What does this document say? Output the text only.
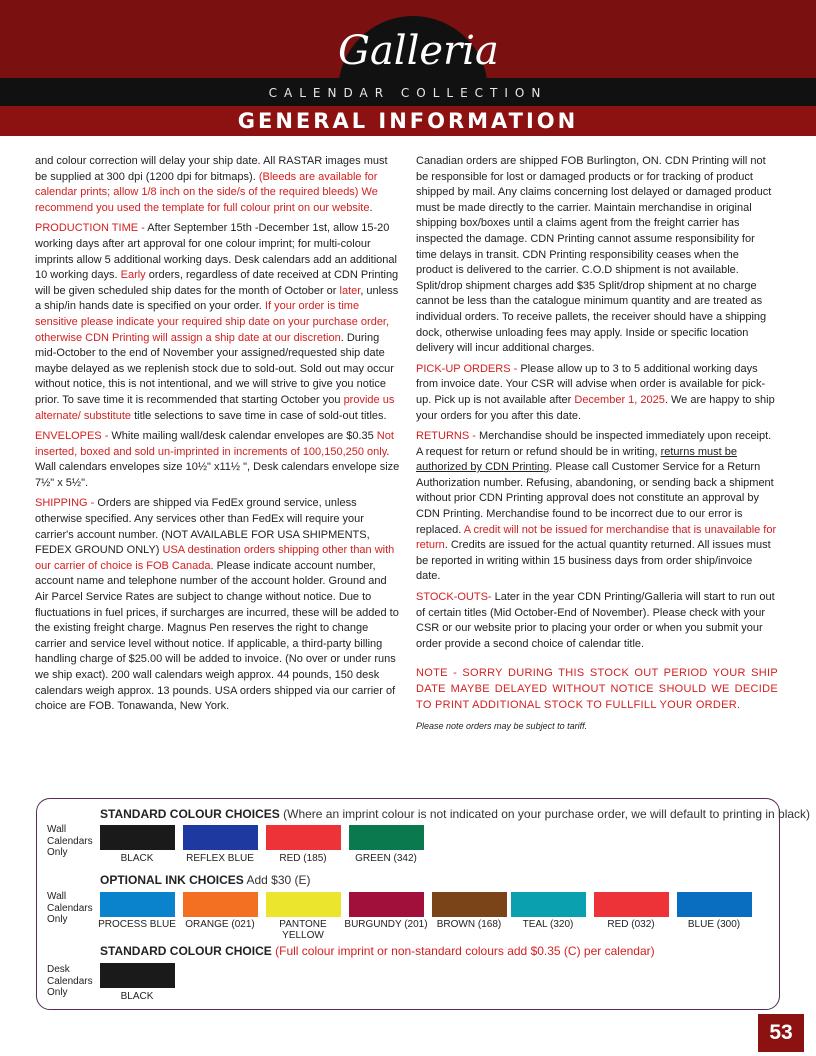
Galleria
CALENDAR COLLECTION
GENERAL INFORMATION

and colour correction will delay your ship date. All RASTAR images must be supplied at 300 dpi (1200 dpi for bitmaps). (Bleeds are available for calendar prints; allow 1/8 inch on the side/s of the required bleeds) We recommend you used the template for full colour print on our website.

PRODUCTION TIME - After September 15th -December 1st, allow 15-20 working days after art approval for one colour imprint; for multi-colour imprints allow 5 additional working days. Desk calendars add an additional 10 working days. Early orders, regardless of date received at CDN Printing will be given scheduled ship dates for the month of October or later, unless a ship/in hands date is specified on your order. If your order is time sensitive please indicate your required ship date on your purchase order, otherwise CDN Printing will assign a ship date at our discretion. During mid-October to the end of November your assigned/requested ship date maybe delayed as we replenish stock due to sold-out. Sold out may occur without notice, this is not intentional, and we will strive to give you notice prior. To save time it is recommended that starting October you provide us alternate/ substitute title selections to save time in case of sold-out titles.

ENVELOPES - White mailing wall/desk calendar envelopes are $0.35 Not inserted, boxed and sold un-imprinted in increments of 100,150,250 only. Wall calendars envelopes size 10½" x11½ ", Desk calendars envelope size 7½" x 5½".

SHIPPING - Orders are shipped via FedEx ground service, unless otherwise specified. Any services other than FedEx will require your carrier's account number. (NOT AVAILABLE FOR USA SHIPMENTS, FEDEX GROUND ONLY) USA destination orders shipping other than with our carrier of choice is FOB Canada. Please indicate account number, account name and telephone number of the account holder. Ground and Air Parcel Service Rates are subject to change without notice. Due to fluctuations in fuel prices, if surcharges are incurred, these will be added to the existing freight charge. Magnus Pen reserves the right to change carrier and service level without notice. If applicable, a third-party billing handling charge of $25.00 will be added to invoice. (No over or under runs we ship exact). 200 wall calendars weigh approx. 44 pounds, 150 desk calendars weigh approx. 13 pounds. USA orders shipped via our carrier of choice are FOB. Tonawanda, New York.

Canadian orders are shipped FOB Burlington, ON. CDN Printing will not be responsible for lost or damaged products or for tracking of product shipped by mail. Any claims concerning lost delayed or damaged product must be made directly to the carrier. Maintain merchandise in original shipping box/boxes until a claims agent from the freight carrier has inspected the damage. CDN Printing cannot assume responsibility for time delays in transit. CDN Printing responsibility ceases when the product is delivered to the carrier. C.O.D shipment is not available. Split/drop shipment charges add $35 Split/drop shipment at no charge cannot be less than the catalogue minimum quantity and are treated as individual orders. To receive pallets, the receiver should have a shipping dock, otherwise unloading fees may apply. Inside or specific location delivery will incur additional charges.

PICK-UP ORDERS - Please allow up to 3 to 5 additional working days from invoice date. Your CSR will advise when order is available for pick-up. Pick up is not available after December 1, 2025. We are happy to ship your orders for you after this date.

RETURNS - Merchandise should be inspected immediately upon receipt. A request for return or refund should be in writing, returns must be authorized by CDN Printing. Please call Customer Service for a Return Authorization number. Refusing, abandoning, or sending back a shipment without prior CDN Printing approval does not constitute an approval by CDN Printing. Merchandise found to be incorrect due to our error is replaced. A credit will not be issued for merchandise that is unavailable for return. Credits are issued for the actual quantity returned. All issues must be reported in writing within 15 business days from order ship/invoice date.

STOCK-OUTS- Later in the year CDN Printing/Galleria will start to run out of certain titles (Mid October-End of November). Please check with your CSR or our website prior to placing your order or when you submit your order provide a second choice of calendar title.

NOTE - SORRY DURING THIS STOCK OUT PERIOD YOUR SHIP DATE MAYBE DELAYED WITHOUT NOTICE SHOULD WE DECIDE TO PRINT ADDITIONAL STOCK TO FULLFILL YOUR ORDER.

Please note orders may be subject to tariff.

STANDARD COLOUR CHOICES (Where an imprint colour is not indicated on your purchase order, we will default to printing in black)
Wall Calendars Only
BLACK	REFLEX BLUE	RED (185)	GREEN (342)
OPTIONAL INK CHOICES Add $30 (E)
Wall Calendars Only	PROCESS BLUE ORANGE (021)	PANTONE YELLOW
BURGUNDY (201) BROWN (168)	TEAL (320)	RED (032)	BLUE (300)
STANDARD COLOUR CHOICE (Full colour imprint or non-standard colours add $0.35 (C) per calendar)
Desk Calendars Only	BLACK
53
